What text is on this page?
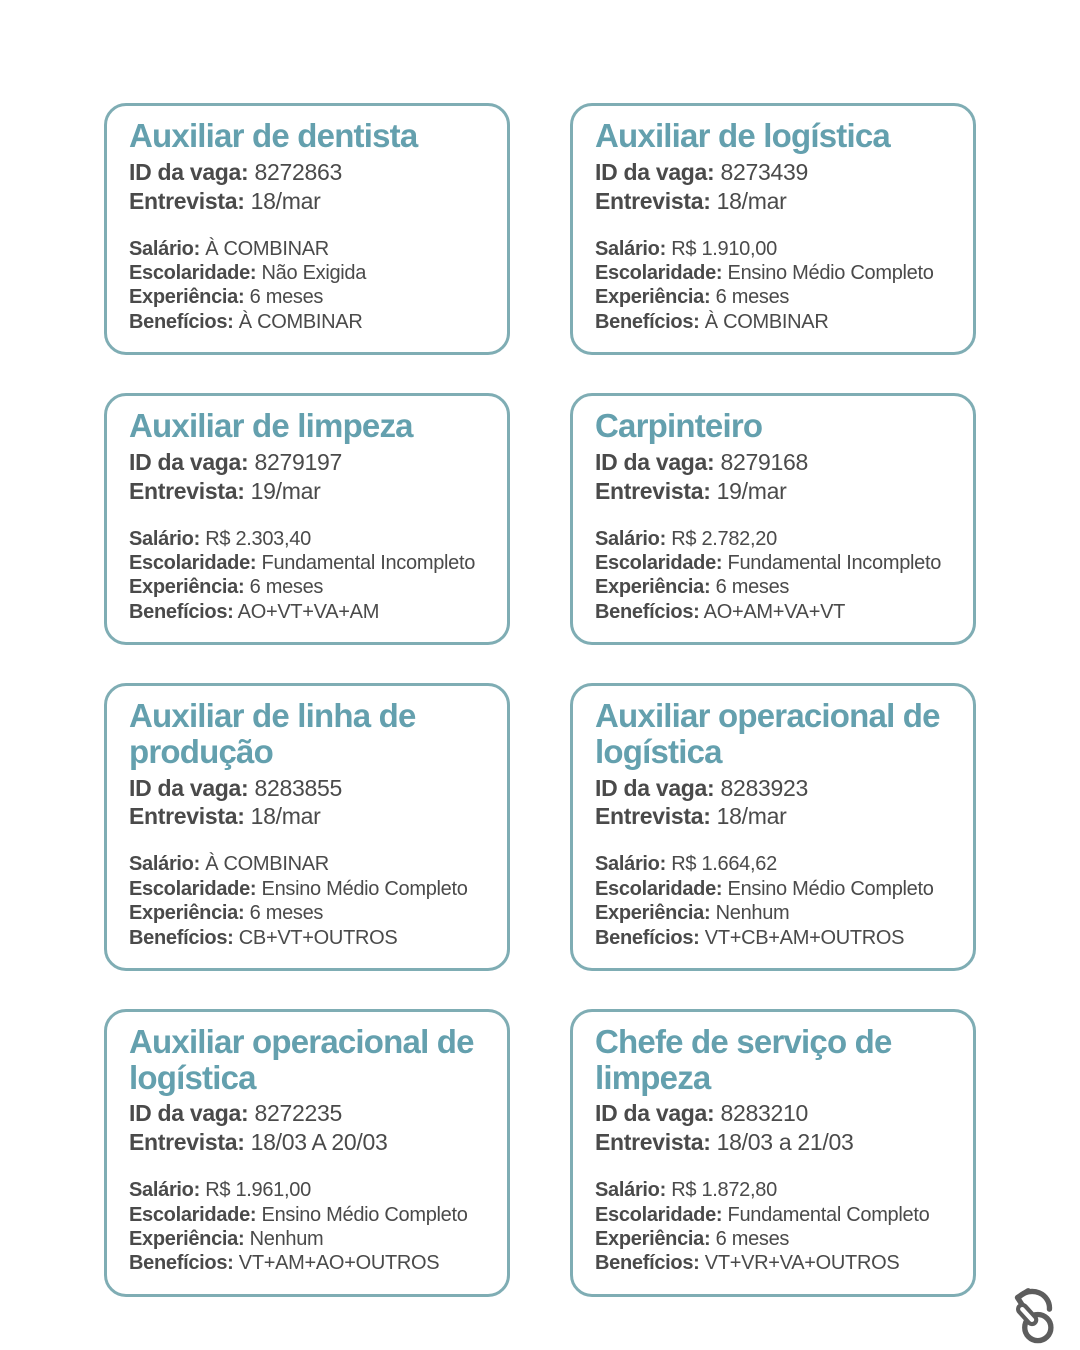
Auxiliar de dentista

ID da vaga: 8272863

Entrevista: 18/mar

Salário: À COMBINAR

Escolaridade: Não Exigida

Experiência: 6 meses

Benefícios: À COMBINAR

Auxiliar de logística

ID da vaga: 8273439

Entrevista: 18/mar

Salário: R$ 1.910,00

Escolaridade: Ensino Médio Completo

Experiência: 6 meses

Benefícios: À COMBINAR

Auxiliar de limpeza

ID da vaga: 8279197

Entrevista: 19/mar

Salário: R$ 2.303,40

Escolaridade: Fundamental Incompleto

Experiência: 6 meses

Benefícios: AO+VT+VA+AM

Carpinteiro

ID da vaga: 8279168

Entrevista: 19/mar

Salário: R$ 2.782,20

Escolaridade: Fundamental Incompleto

Experiência: 6 meses

Benefícios: AO+AM+VA+VT

Auxiliar de linha de produção

ID da vaga: 8283855

Entrevista: 18/mar

Salário: À COMBINAR

Escolaridade: Ensino Médio Completo

Experiência: 6 meses

Benefícios: CB+VT+OUTROS

Auxiliar operacional de logística

ID da vaga: 8283923

Entrevista: 18/mar

Salário: R$ 1.664,62

Escolaridade: Ensino Médio Completo

Experiência: Nenhum

Benefícios: VT+CB+AM+OUTROS

Auxiliar operacional de logística

ID da vaga: 8272235

Entrevista: 18/03 A 20/03

Salário: R$ 1.961,00

Escolaridade: Ensino Médio Completo

Experiência: Nenhum

Benefícios: VT+AM+AO+OUTROS

Chefe de serviço de limpeza

ID da vaga: 8283210

Entrevista: 18/03 a 21/03

Salário: R$ 1.872,80

Escolaridade: Fundamental Completo

Experiência: 6 meses

Benefícios: VT+VR+VA+OUTROS
